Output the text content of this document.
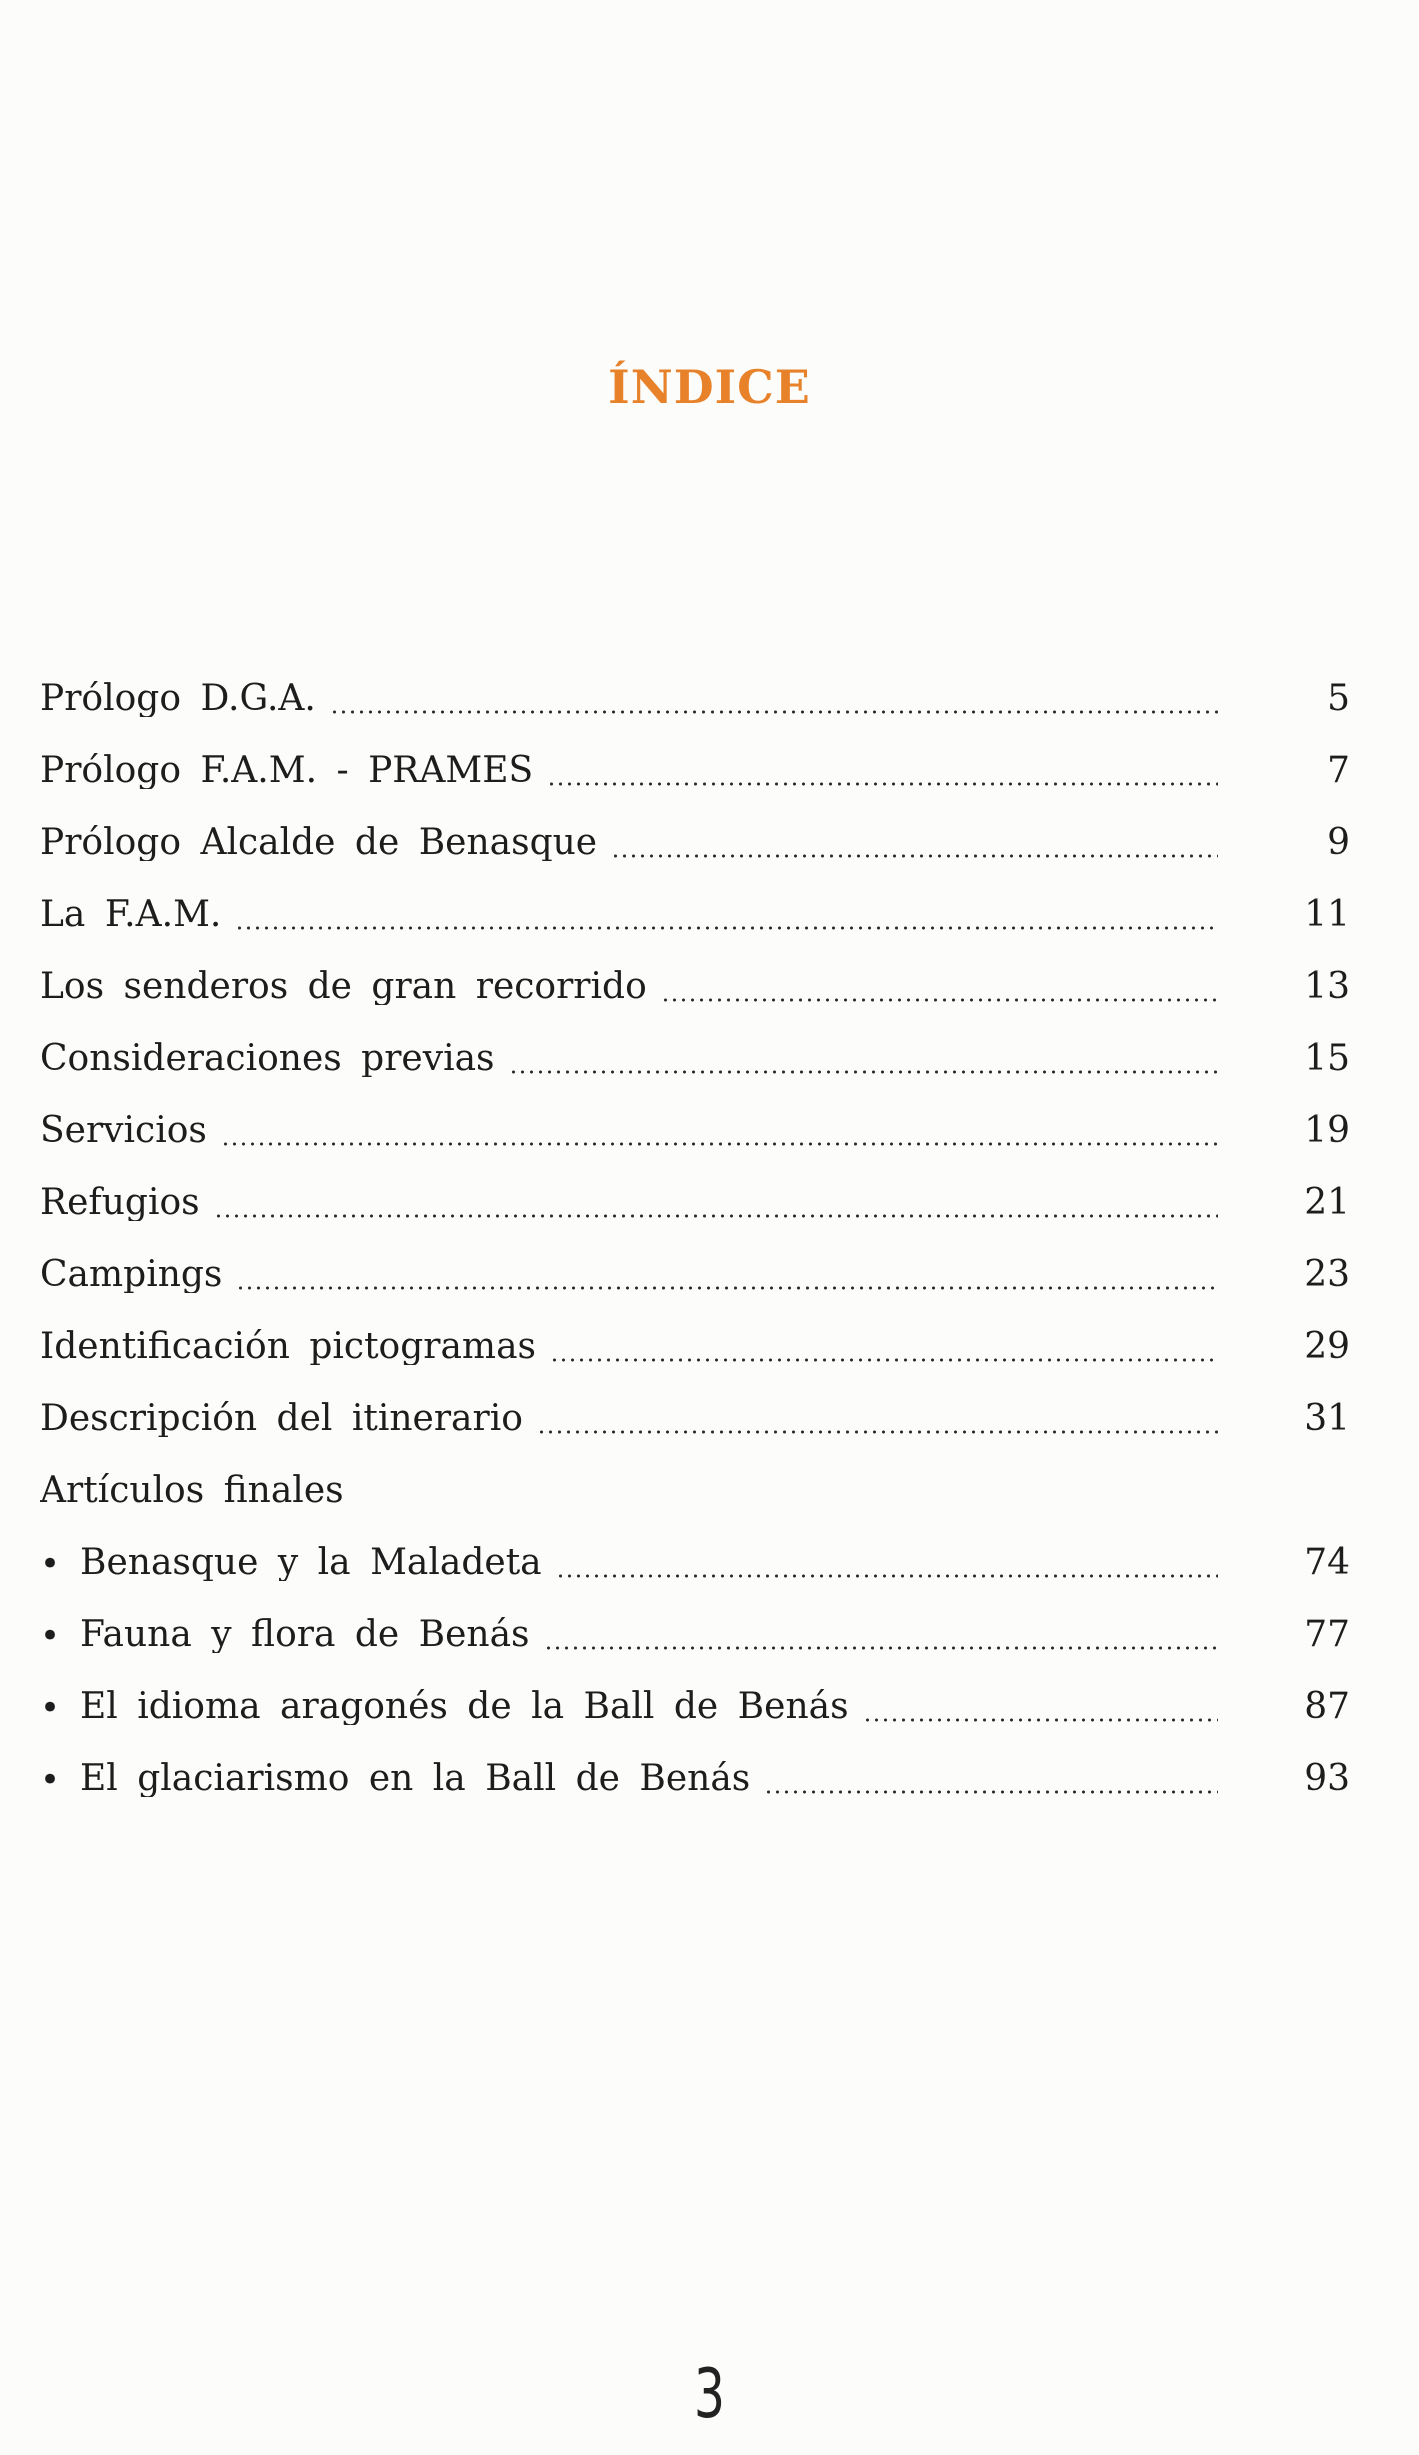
ÍNDICE
Prólogo D.G.A.	5
Prólogo F.A.M. - PRAMES	7
Prólogo Alcalde de Benasque	9
La F.A.M.	11
Los senderos de gran recorrido	13
Consideraciones previas	15
Servicios	19
Refugios	21
Campings	23
Identificación pictogramas	29
Descripción del itinerario	31
Artículos finales
• Benasque y la Maladeta	74
• Fauna y flora de Benás	77
• El idioma aragonés de la Ball de Benás	87
• El glaciarismo en la Ball de Benás	93
3
